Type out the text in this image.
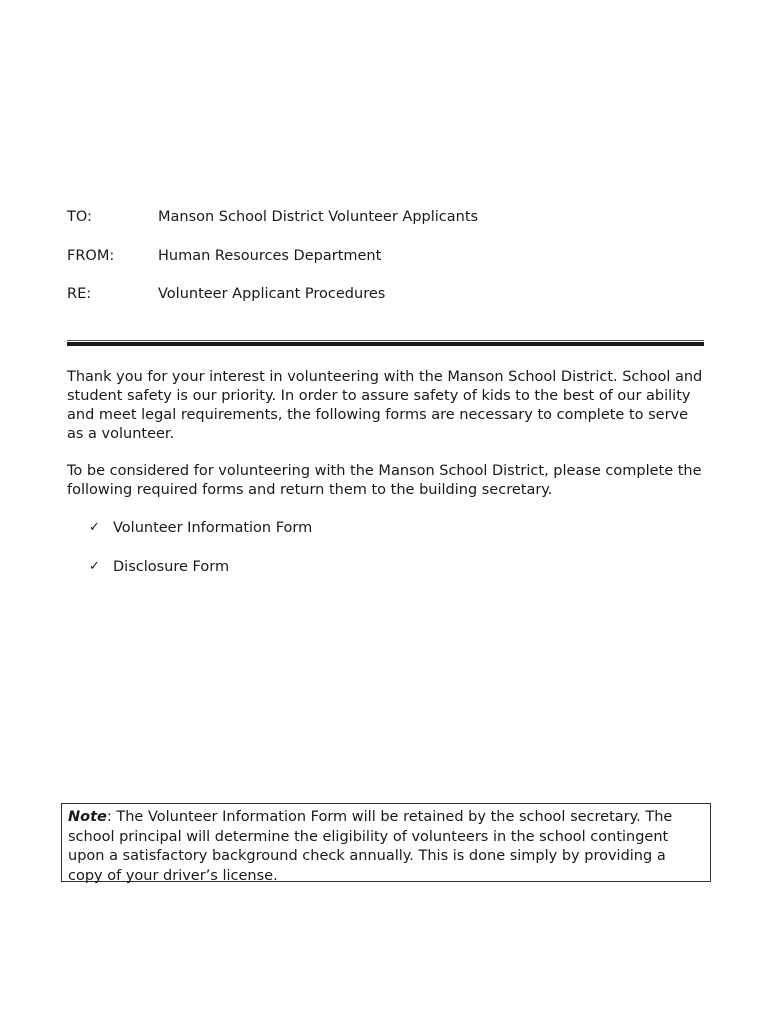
TO:	Manson School District Volunteer Applicants
FROM:	Human Resources Department
RE:	Volunteer Applicant Procedures

Thank you for your interest in volunteering with the Manson School District. School and student safety is our priority. In order to assure safety of kids to the best of our ability and meet legal requirements, the following forms are necessary to complete to serve as a volunteer.

To be considered for volunteering with the Manson School District, please complete the following required forms and return them to the building secretary.

✓ Volunteer Information Form
✓ Disclosure Form
Note: The Volunteer Information Form will be retained by the school secretary. The school principal will determine the eligibility of volunteers in the school contingent upon a satisfactory background check annually. This is done simply by providing a copy of your driver’s license.
